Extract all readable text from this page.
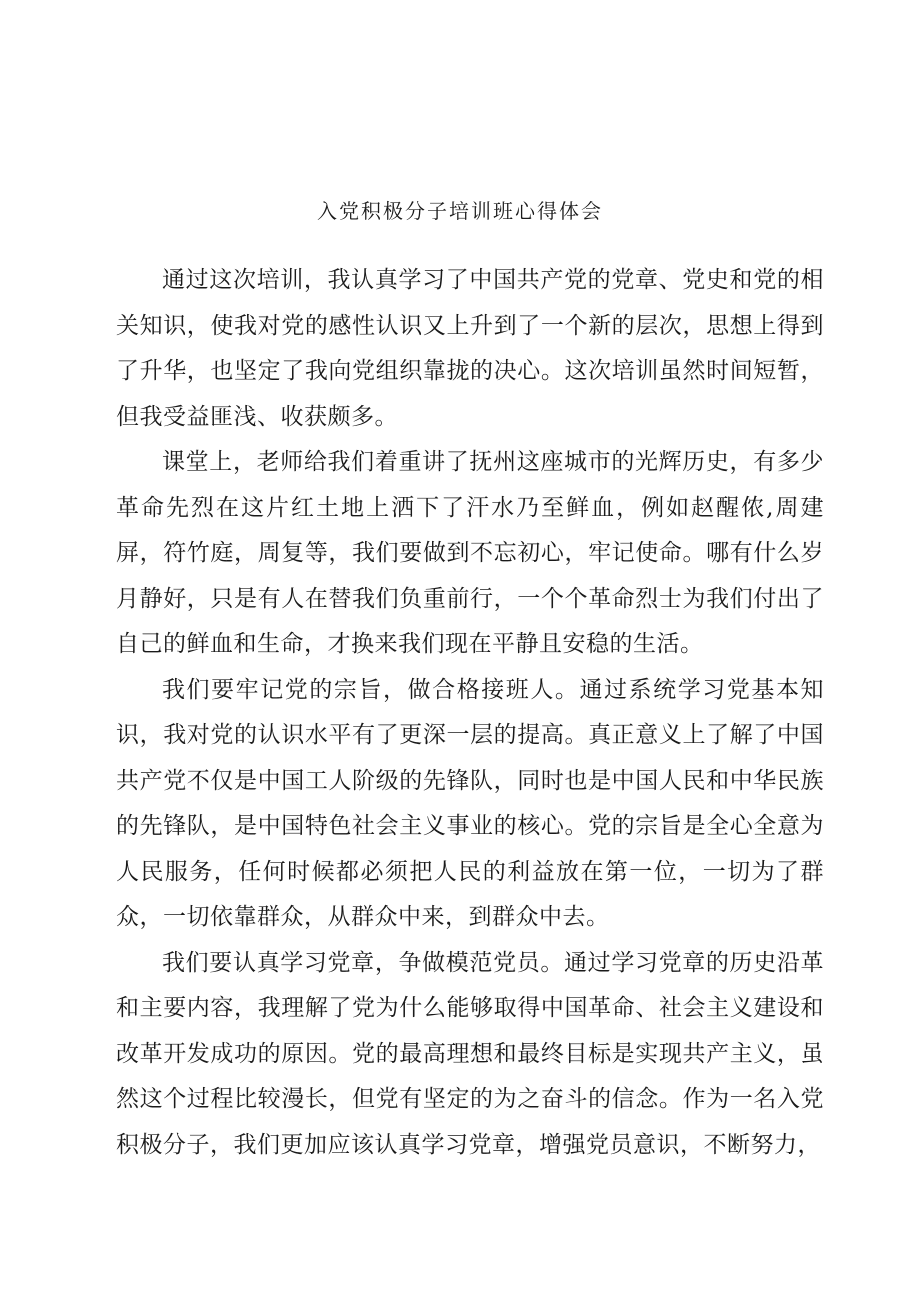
入党积极分子培训班心得体会

通过这次培训，我认真学习了中国共产党的党章、党史和党的相关知识，使我对党的感性认识又上升到了一个新的层次，思想上得到了升华，也坚定了我向党组织靠拢的决心。这次培训虽然时间短暂，但我受益匪浅、收获颇多。

课堂上，老师给我们着重讲了抚州这座城市的光辉历史，有多少革命先烈在这片红土地上洒下了汗水乃至鲜血，例如赵醒侬,周建屏，符竹庭，周复等，我们要做到不忘初心，牢记使命。哪有什么岁月静好，只是有人在替我们负重前行，一个个革命烈士为我们付出了自己的鲜血和生命，才换来我们现在平静且安稳的生活。

我们要牢记党的宗旨，做合格接班人。通过系统学习党基本知识，我对党的认识水平有了更深一层的提高。真正意义上了解了中国共产党不仅是中国工人阶级的先锋队，同时也是中国人民和中华民族的先锋队，是中国特色社会主义事业的核心。党的宗旨是全心全意为人民服务，任何时候都必须把人民的利益放在第一位，一切为了群众，一切依靠群众，从群众中来，到群众中去。

我们要认真学习党章，争做模范党员。通过学习党章的历史沿革和主要内容，我理解了党为什么能够取得中国革命、社会主义建设和改革开发成功的原因。党的最高理想和最终目标是实现共产主义，虽然这个过程比较漫长，但党有坚定的为之奋斗的信念。作为一名入党积极分子，我们更加应该认真学习党章，增强党员意识，不断努力，
